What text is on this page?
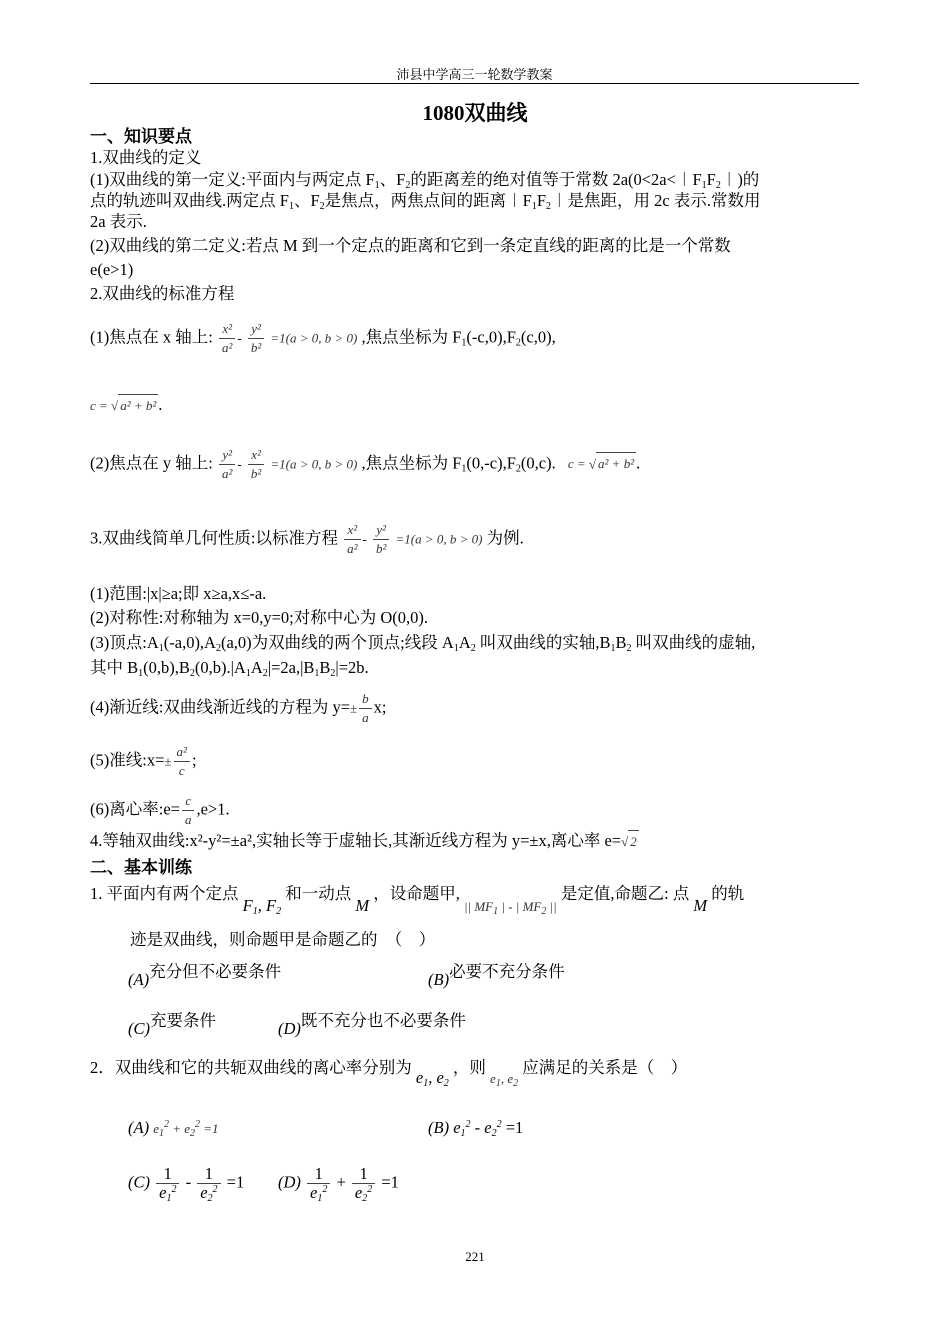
沛县中学高三一轮数学教案
1080双曲线
一、知识要点
1.双曲线的定义
(1)双曲线的第一定义:平面内与两定点 $F_1$、$F_2$的距离差的绝对值等于常数 $2a(0<2a<︱F_1F_2︱)$的
点的轨迹叫双曲线.两定点 $F_1$、$F_2$是焦点，两焦点间的距离$︱F_1F_2︱$是焦距，用 2c 表示.常数用
2a 表示.
(2)双曲线的第二定义:若点 M 到一个定点的距离和它到一条定直线的距离的比是一个常数
e(e>1)
2.双曲线的标准方程
(1)焦点在 x 轴上: $\frac{\text{x²}}{\text{a²}} - \frac{\text{y²}}{\text{b²}} =1(a > 0$, b > 0) ,焦点坐标为 $F_1(-c,0),F_2(c,0)$,
c = √ a² + b² .
(2)焦点在 y 轴上: $\frac{\text{y²}}{\text{a²}} - \frac{\text{x²}}{\text{b²}} =1(a > 0$, b > 0) ,焦点坐标为 $F_1(0,-c),F_2(0,c)$. c = √ a² + b² .
3.双曲线简单几何性质:以标准方程 $\frac{\text{x²}}{\text{a²}} - \frac{\text{y²}}{\text{b²}} =1(a > 0$, b > 0) 为例.
(1)范围:|x|≥a;即 x≥a,x≤-a.
(2)对称性:对称轴为 x=0,y=0;对称中心为 O(0,0).
(3)顶点$:A_1(-a,0),A_2(a,0)$为双曲线的两个顶点;线段 $A_1A_2$ 叫双曲线的实轴$,B_1B_2$ 叫双曲线的虚轴,
其中 $B_1(0,b),B_2(0,b).|A_1A_2|=2a,|B_1B_2|=2b$.
(4)渐近线:双曲线渐近线的方程为 $y=\pm \frac{b}{a} x$;
(5)准线:x=± $\frac{\text{a²}}{c}$ ;
(6)离心率:e= $\frac{c}{a} ,e>1$.
4.等轴双曲线:x²-y²=±a²,实轴长等于虚轴长,其渐近线方程为 y=±x,离心率 e=√ 2
二、基本训练
1. 平面内有两个定点 $F_1$, $F_2$ 和一动点 M ，设命题甲, $_{|| MF_1 | - | MF_2 ||}$ 是定值,命题乙: 点 M 的轨
迹是双曲线，则命题甲是命题乙的　（　）
(A)充分但不必要条件	(B)必要不充分条件
(C)充要条件	(D)既不充分也不必要条件
2．双曲线和它的共轭双曲线的离心率分别为 $e_1$, $e_2$ ，则 $_{e_1, e_2}$ 应满足的关系是（　）
(A) $e_1^2 + e_2^2 =1$	(B) $e_1^2 - e_2^2 =1$
$(C) \frac{1}{e_1^2} - \frac{1}{e_2^2} =1$ $(D) \frac{1}{e_1^2} + \frac{1}{e_2^2} =1$
221
